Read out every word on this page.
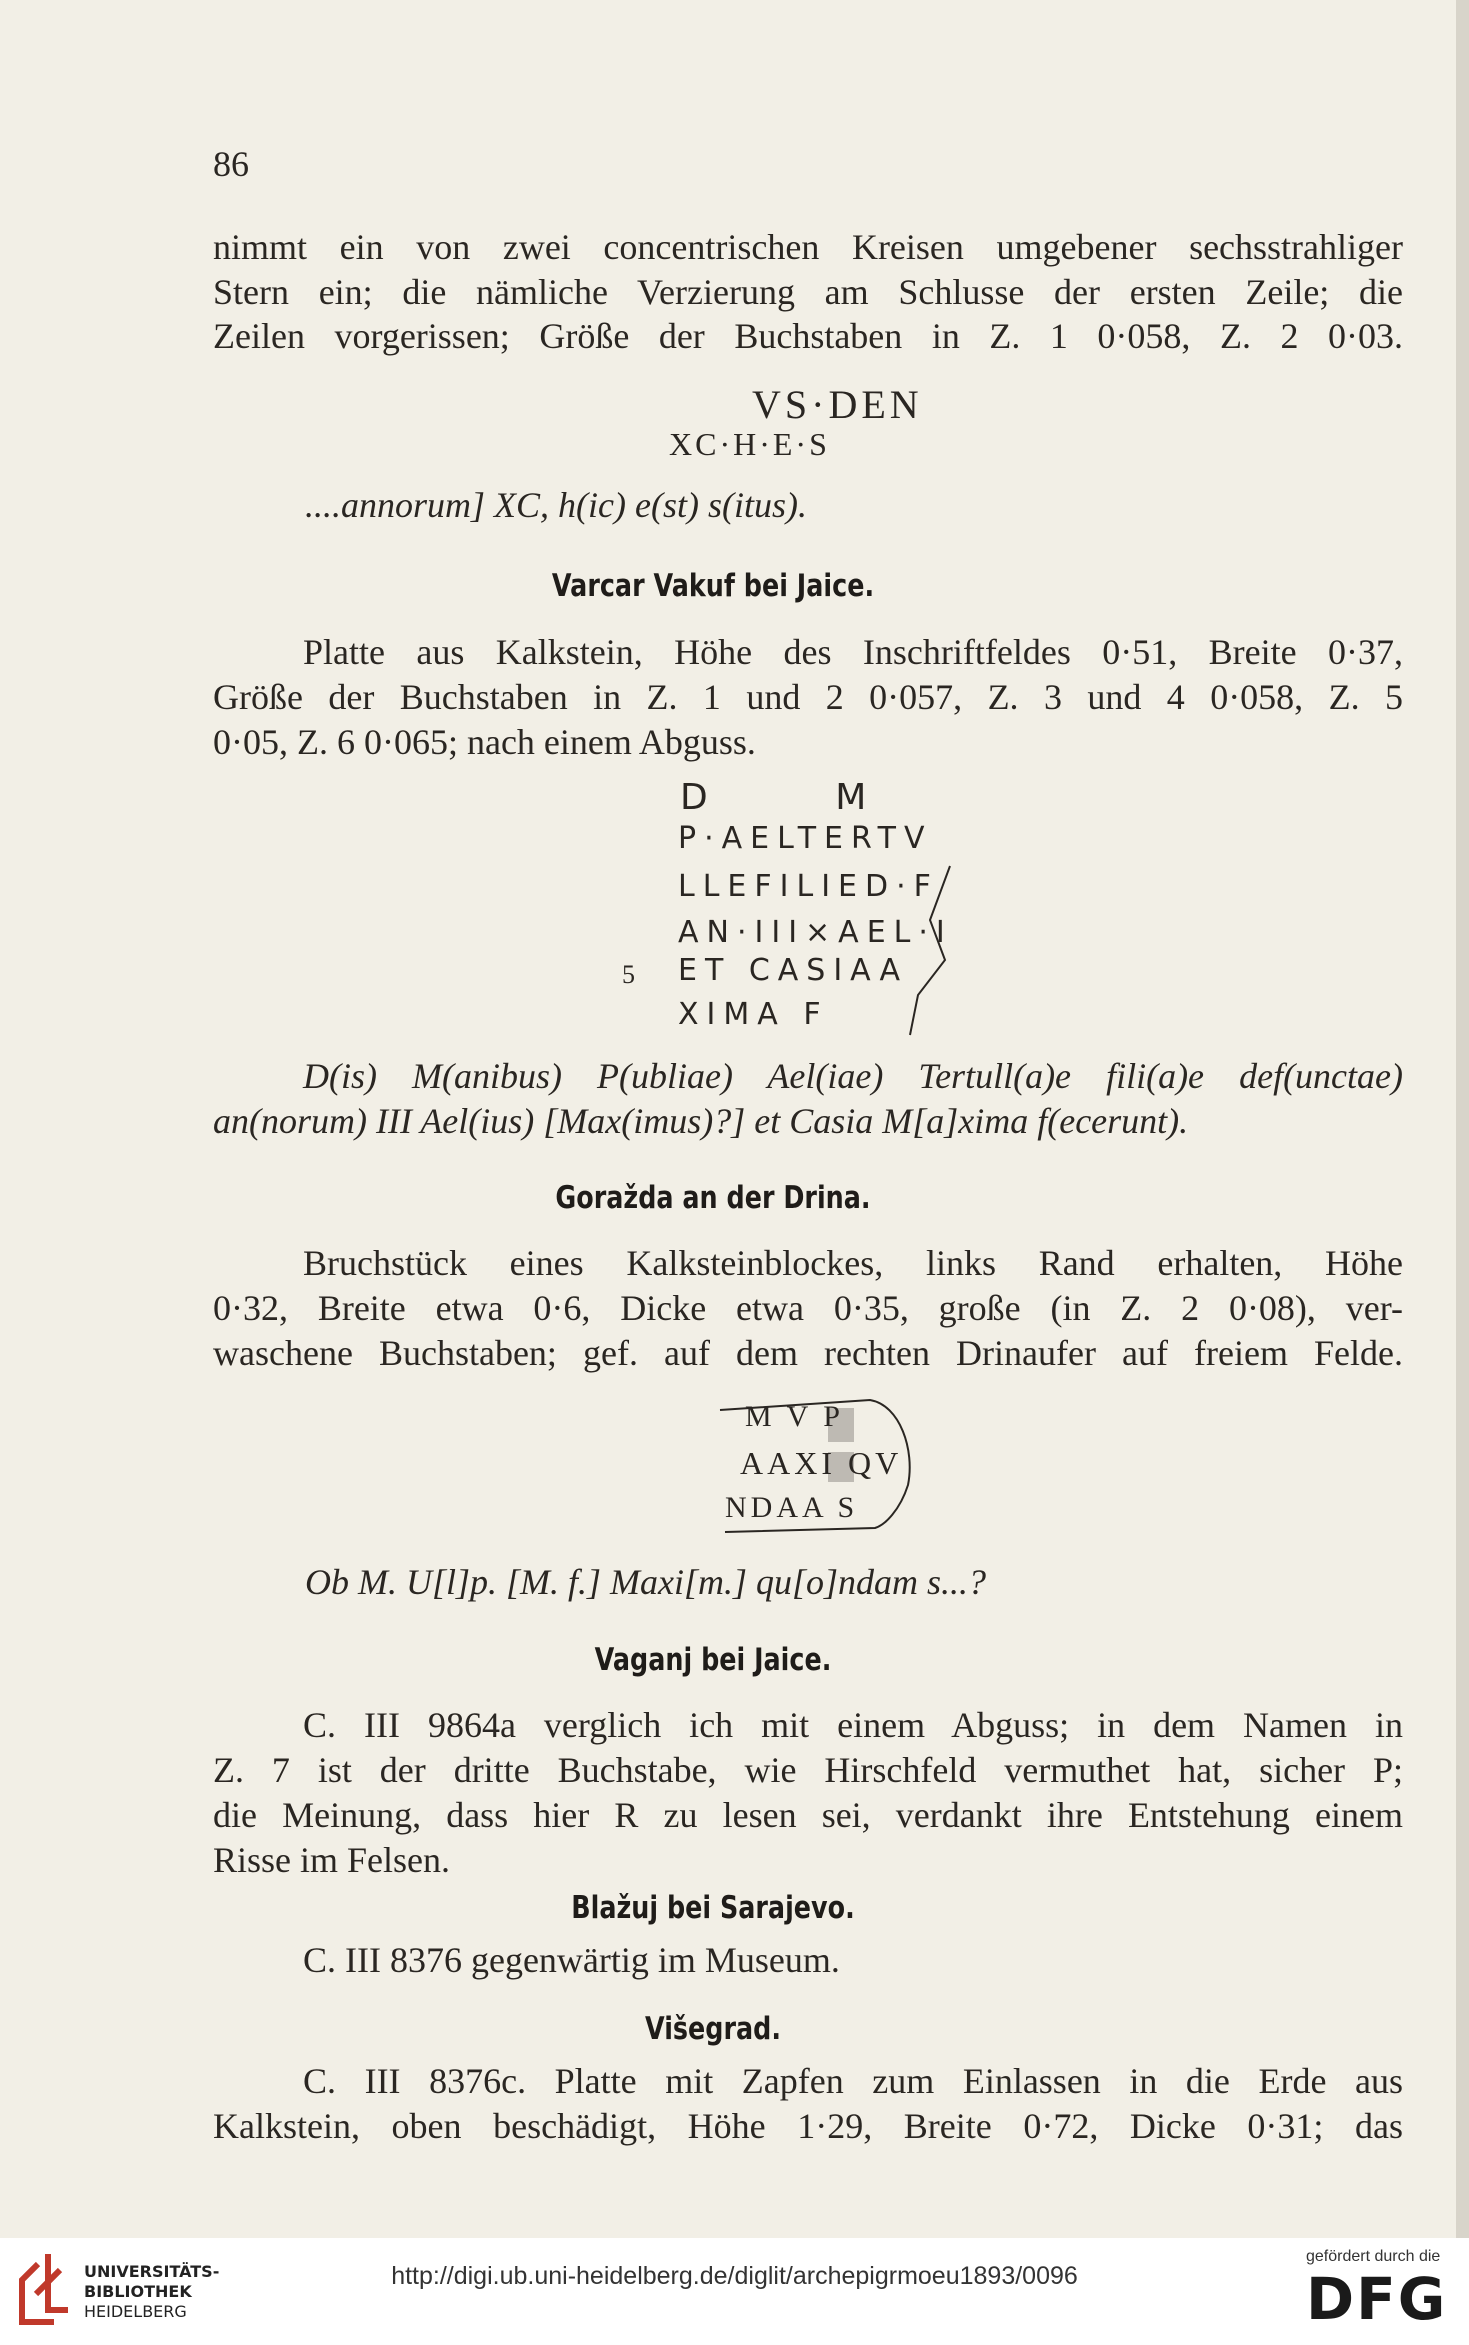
86
nimmt ein von zwei concentrischen Kreisen umgebener sechsstrahliger
Stern ein; die nämliche Verzierung am Schlusse der ersten Zeile; die
Zeilen vorgerissen; Größe der Buchstaben in Z. 1 0·058, Z. 2 0·03.
VS·DEN
XC·H·E·S
....annorum] XC, h(ic) e(st) s(itus).
Varcar Vakuf bei Jaice.
Platte aus Kalkstein, Höhe des Inschriftfeldes 0·51, Breite 0·37,
Größe der Buchstaben in Z. 1 und 2 0·057, Z. 3 und 4 0·058, Z. 5
0·05, Z. 6 0·065; nach einem Abguss.
D        M
P·AELTERTV
LLEFILIED·F
AN·III×AEL·I
5 ET CASIAA
XIMA F
D(is) M(anibus) P(ubliae) Ael(iae) Tertull(a)e fili(a)e def(unctae)
an(norum) III Ael(ius) [Max(imus)?] et Casia M[a]xima f(ecerunt).
Goražda an der Drina.
Bruchstück eines Kalksteinblockes, links Rand erhalten, Höhe
0·32, Breite etwa 0·6, Dicke etwa 0·35, große (in Z. 2 0·08), ver-
waschene Buchstaben; gef. auf dem rechten Drinaufer auf freiem Felde.
M V P
AAXI QV
NDAA S
Ob M. U[l]p. [M. f.] Maxi[m.] qu[o]ndam s...?
Vaganj bei Jaice.
C. III 9864a verglich ich mit einem Abguss; in dem Namen in
Z. 7 ist der dritte Buchstabe, wie Hirschfeld vermuthet hat, sicher P;
die Meinung, dass hier R zu lesen sei, verdankt ihre Entstehung einem
Risse im Felsen.
Blažuj bei Sarajevo.
C. III 8376 gegenwärtig im Museum.
Višegrad.
C. III 8376c. Platte mit Zapfen zum Einlassen in die Erde aus
Kalkstein, oben beschädigt, Höhe 1·29, Breite 0·72, Dicke 0·31; das
UNIVERSITÄTS-
BIBLIOTHEK
HEIDELBERG
http://digi.ub.uni-heidelberg.de/diglit/archepigrmoeu1893/0096
gefördert durch die
DFG
